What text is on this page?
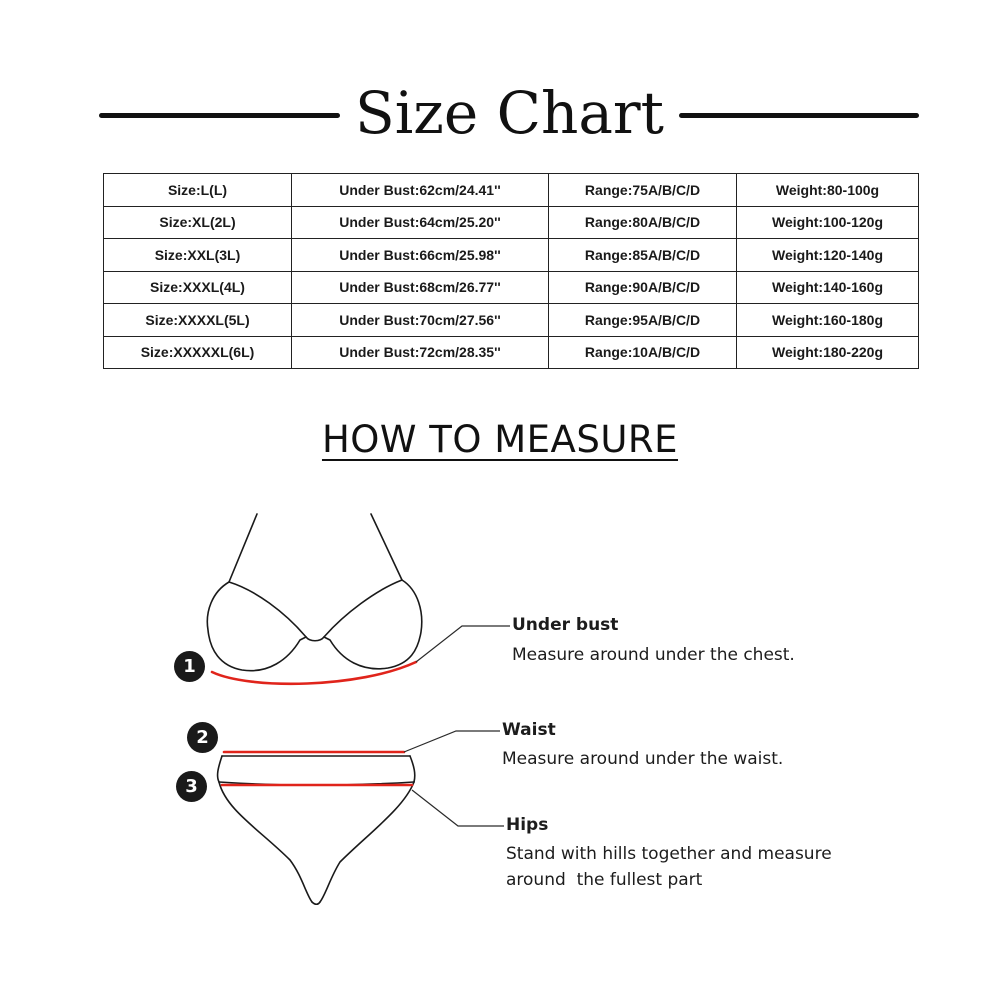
Size Chart
Size:L(L)	Under Bust:62cm/24.41''	Range:75A/B/C/D	Weight:80-100g
Size:XL(2L)	Under Bust:64cm/25.20''	Range:80A/B/C/D	Weight:100-120g
Size:XXL(3L)	Under Bust:66cm/25.98''	Range:85A/B/C/D	Weight:120-140g
Size:XXXL(4L)	Under Bust:68cm/26.77''	Range:90A/B/C/D	Weight:140-160g
Size:XXXXL(5L)	Under Bust:70cm/27.56''	Range:95A/B/C/D	Weight:160-180g
Size:XXXXXL(6L)	Under Bust:72cm/28.35''	Range:10A/B/C/D	Weight:180-220g
HOW TO MEASURE
1
2
3
Under bust
Measure around under the chest.
Waist
Measure around under the waist.
Hips
Stand with hills together and measure
around  the fullest part
